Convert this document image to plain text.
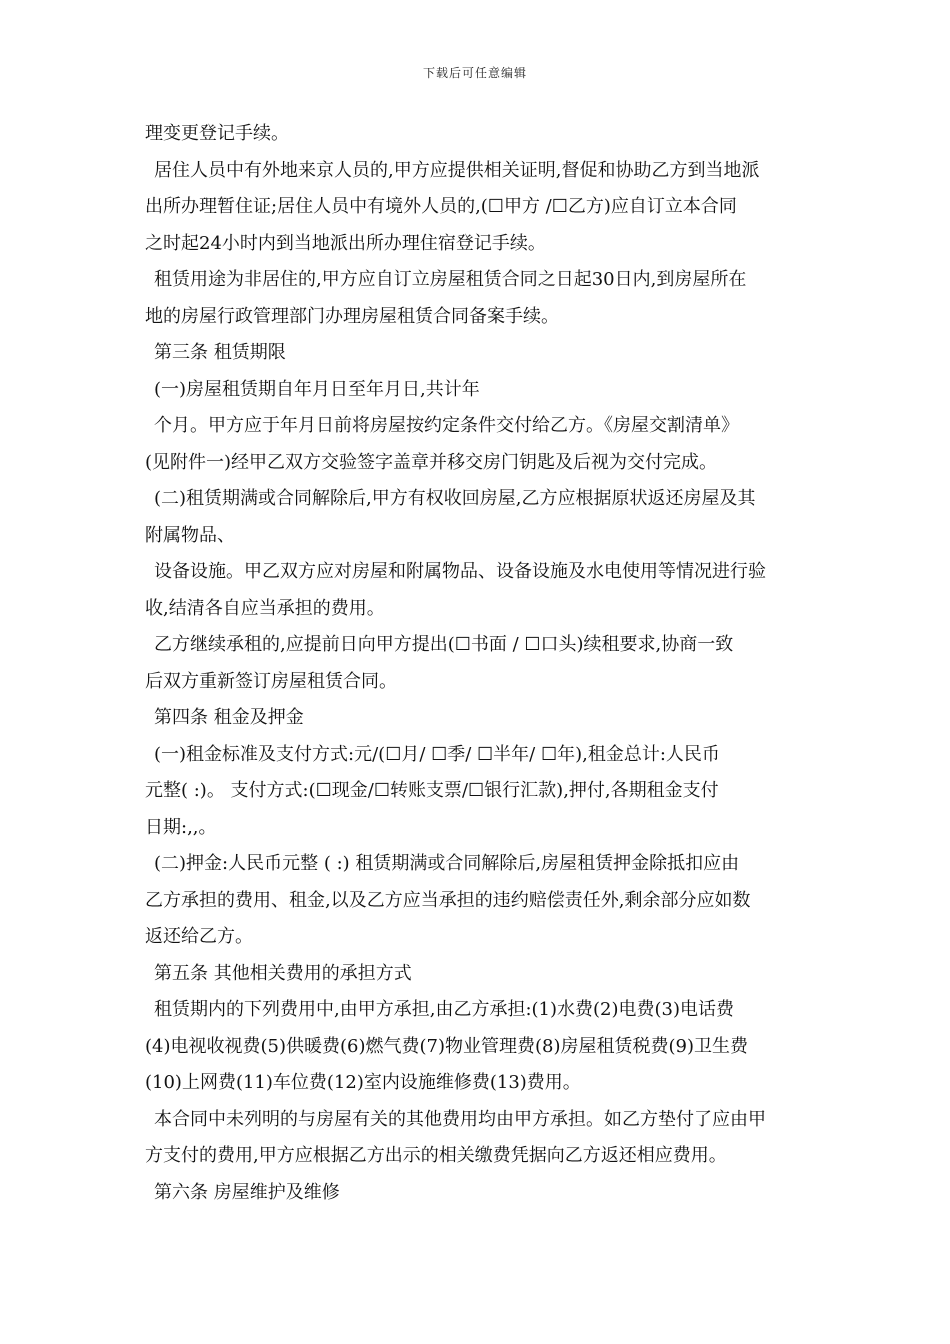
下载后可任意编辑
理变更登记手续。
居住人员中有外地来京人员的,甲方应提供相关证明,督促和协助乙方到当地派
出所办理暂住证;居住人员中有境外人员的,(☐甲方 /☐乙方)应自订立本合同
之时起24小时内到当地派出所办理住宿登记手续。
租赁用途为非居住的,甲方应自订立房屋租赁合同之日起30日内,到房屋所在
地的房屋行政管理部门办理房屋租赁合同备案手续。
第三条 租赁期限
(一)房屋租赁期自年月日至年月日,共计年
个月。甲方应于年月日前将房屋按约定条件交付给乙方。《房屋交割清单》
(见附件一)经甲乙双方交验签字盖章并移交房门钥匙及后视为交付完成。
(二)租赁期满或合同解除后,甲方有权收回房屋,乙方应根据原状返还房屋及其
附属物品、
设备设施。甲乙双方应对房屋和附属物品、设备设施及水电使用等情况进行验
收,结清各自应当承担的费用。
乙方继续承租的,应提前日向甲方提出(☐书面 / ☐口头)续租要求,协商一致
后双方重新签订房屋租赁合同。
第四条 租金及押金
(一)租金标准及支付方式:元/(☐月/ ☐季/ ☐半年/ ☐年),租金总计:人民币
元整( :)。 支付方式:(☐现金/☐转账支票/☐银行汇款),押付,各期租金支付
日期:,,。
(二)押金:人民币元整 ( :) 租赁期满或合同解除后,房屋租赁押金除抵扣应由
乙方承担的费用、租金,以及乙方应当承担的违约赔偿责任外,剩余部分应如数
返还给乙方。
第五条 其他相关费用的承担方式
租赁期内的下列费用中,由甲方承担,由乙方承担:(1)水费(2)电费(3)电话费
(4)电视收视费(5)供暖费(6)燃气费(7)物业管理费(8)房屋租赁税费(9)卫生费
(10)上网费(11)车位费(12)室内设施维修费(13)费用。
本合同中未列明的与房屋有关的其他费用均由甲方承担。如乙方垫付了应由甲
方支付的费用,甲方应根据乙方出示的相关缴费凭据向乙方返还相应费用。
第六条 房屋维护及维修
